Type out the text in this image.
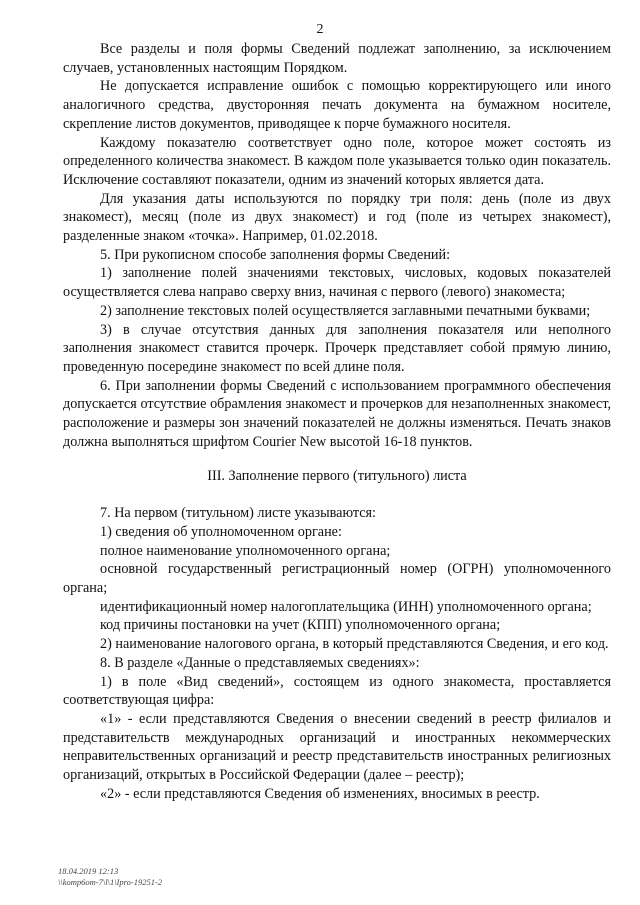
2

Все разделы и поля формы Сведений подлежат заполнению, за исключением случаев, установленных настоящим Порядком.

Не допускается исправление ошибок с помощью корректирующего или иного аналогичного средства, двусторонняя печать документа на бумажном носителе, скрепление листов документов, приводящее к порче бумажного носителя.

Каждому показателю соответствует одно поле, которое может состоять из определенного количества знакомест. В каждом поле указывается только один показатель. Исключение составляют показатели, одним из значений которых является дата.

Для указания даты используются по порядку три поля: день (поле из двух знакомест), месяц (поле из двух знакомест) и год (поле из четырех знакомест), разделенные знаком «точка». Например, 01.02.2018.

5. При рукописном способе заполнения формы Сведений:

1) заполнение полей значениями текстовых, числовых, кодовых показателей осуществляется слева направо сверху вниз, начиная с первого (левого) знакоместа;

2) заполнение текстовых полей осуществляется заглавными печатными буквами;

3) в случае отсутствия данных для заполнения показателя или неполного заполнения знакомест ставится прочерк. Прочерк представляет собой прямую линию, проведенную посередине знакомест по всей длине поля.

6. При заполнении формы Сведений с использованием программного обеспечения допускается отсутствие обрамления знакомест и прочерков для незаполненных знакомест, расположение и размеры зон значений показателей не должны изменяться. Печать знаков должна выполняться шрифтом Courier New высотой 16-18 пунктов.

III. Заполнение первого (титульного) листа

7. На первом (титульном) листе указываются:

1) сведения об уполномоченном органе:

полное наименование уполномоченного органа;

основной государственный регистрационный номер (ОГРН) уполномоченного органа;

идентификационный номер налогоплательщика (ИНН) уполномоченного органа;

код причины постановки на учет (КПП) уполномоченного органа;

2) наименование налогового органа, в который представляются Сведения, и его код.

8. В разделе «Данные о представляемых сведениях»:

1) в поле «Вид сведений», состоящем из одного знакоместа, проставляется соответствующая цифра:

«1» - если представляются Сведения о внесении сведений в реестр филиалов и представительств международных организаций и иностранных некоммерческих неправительственных организаций и реестр представительств иностранных религиозных организаций, открытых в Российской Федерации (далее – реестр);

«2» - если представляются Сведения об изменениях, вносимых в реестр.

18.04.2019 12:13
\\komp6om-7\l\1\Ipro-19251-2
